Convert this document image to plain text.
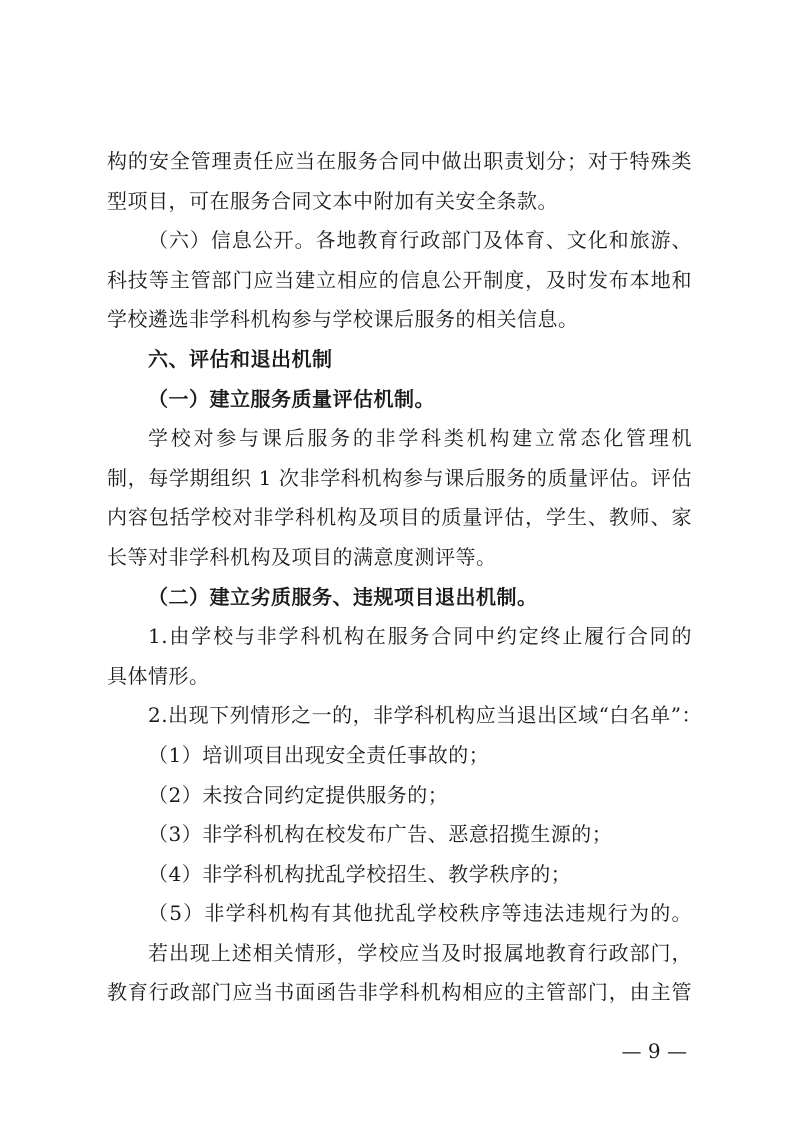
构的安全管理责任应当在服务合同中做出职责划分；对于特殊类
型项目，可在服务合同文本中附加有关安全条款。
（六）信息公开。各地教育行政部门及体育、文化和旅游、
科技等主管部门应当建立相应的信息公开制度，及时发布本地和
学校遴选非学科机构参与学校课后服务的相关信息。
六、评估和退出机制
（一）建立服务质量评估机制。
学校对参与课后服务的非学科类机构建立常态化管理机
制，每学期组织 1 次非学科机构参与课后服务的质量评估。评估
内容包括学校对非学科机构及项目的质量评估，学生、教师、家
长等对非学科机构及项目的满意度测评等。
（二）建立劣质服务、违规项目退出机制。
1.由学校与非学科机构在服务合同中约定终止履行合同的
具体情形。
2.出现下列情形之一的，非学科机构应当退出区域“白名单”：
（1）培训项目出现安全责任事故的；
（2）未按合同约定提供服务的；
（3）非学科机构在校发布广告、恶意招揽生源的；
（4）非学科机构扰乱学校招生、教学秩序的；
（5）非学科机构有其他扰乱学校秩序等违法违规行为的。
若出现上述相关情形，学校应当及时报属地教育行政部门，
教育行政部门应当书面函告非学科机构相应的主管部门，由主管
— 9 —
